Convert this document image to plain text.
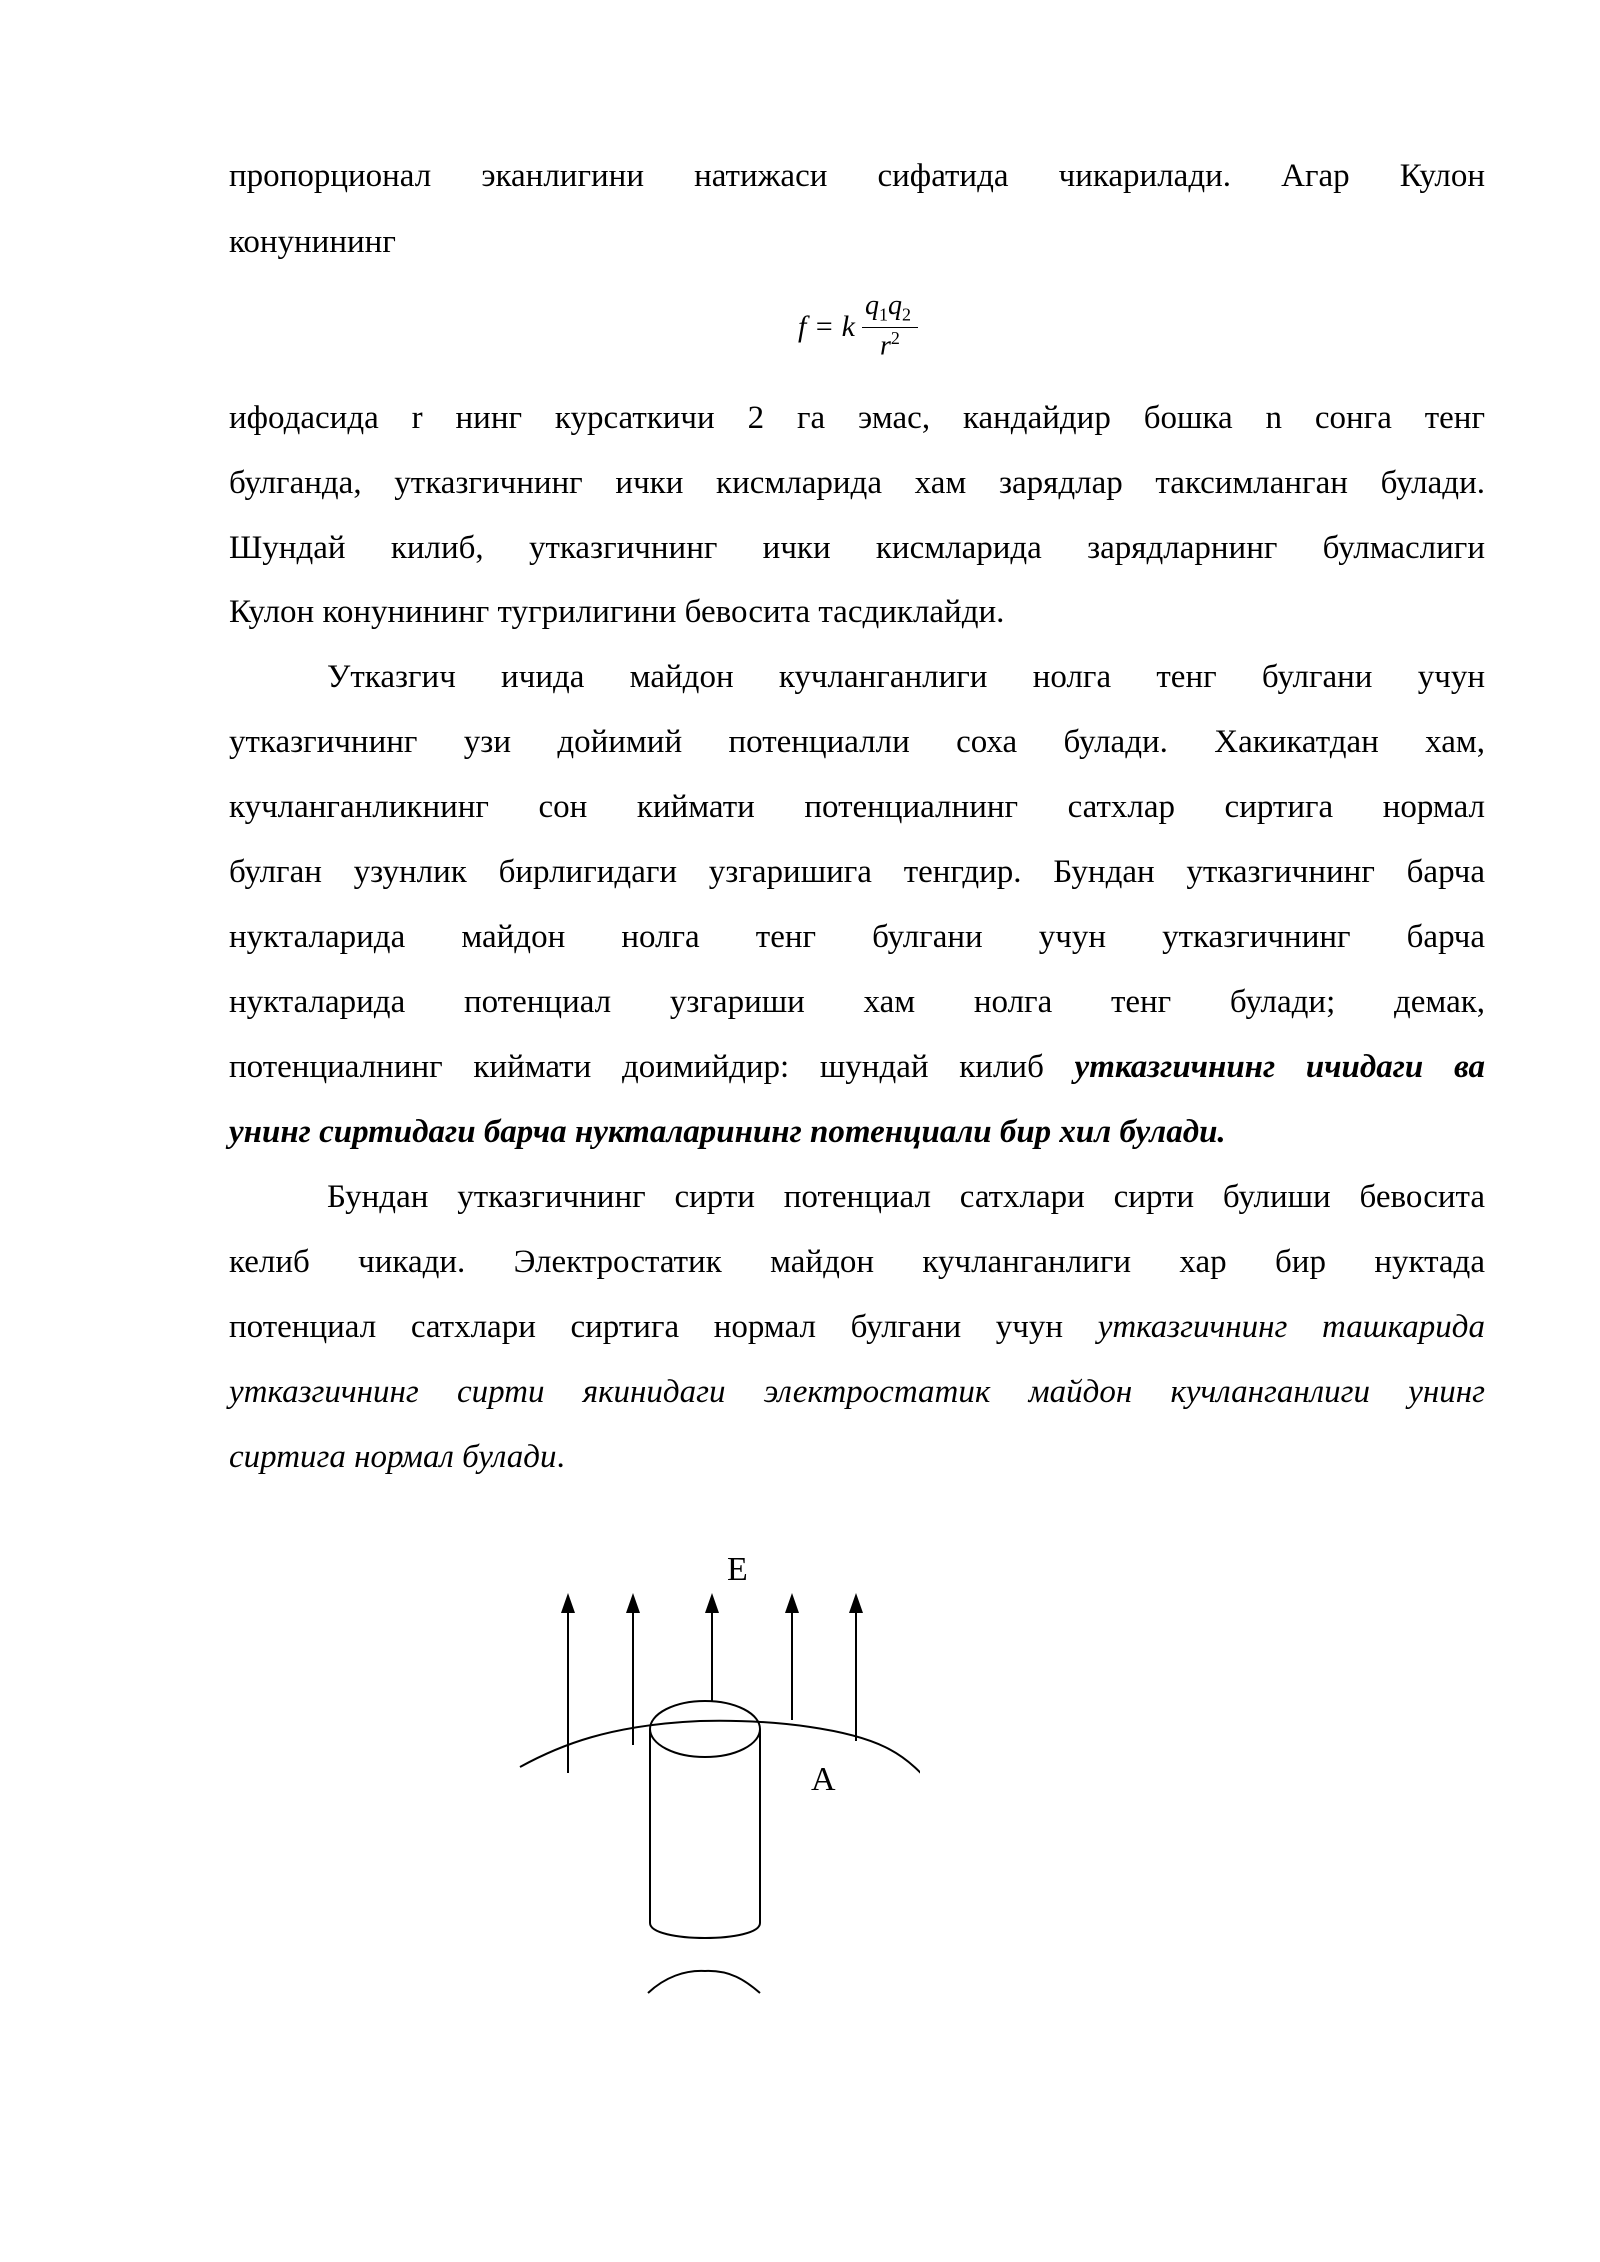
пропорционал эканлигини натижаси сифатида чикарилади. Агар Кулон
конунининг
f = k
$q_1q_2$
$r^2$
ифодасида r нинг курсаткичи 2 га эмас, кандайдир бошка n сонга тенг
булганда, утказгичнинг ички кисмларида хам зарядлар таксимланган булади.
Шундай килиб, утказгичнинг ички кисмларида зарядларнинг булмаслиги
Кулон конунининг тугрилигини бевосита тасдиклайди.
Утказгич ичида майдон кучланганлиги нолга тенг булгани учун
утказгичнинг узи дойимий потенциалли соха булади. Хакикатдан хам,
кучланганликнинг сон киймати потенциалнинг сатхлар сиртига нормал
булган узунлик бирлигидаги узгаришига тенгдир. Бундан утказгичнинг барча
нукталарида майдон нолга тенг булгани учун утказгичнинг барча
нукталарида потенциал узгариши хам нолга тенг булади; демак,
потенциалнинг киймати доимийдир: шундай килиб утказгичнинг ичидаги ва
унинг сиртидаги барча нукталарининг потенциали бир хил булади.
Бундан утказгичнинг сирти потенциал сатхлари сирти булиши бевосита
келиб чикади. Электростатик майдон кучланганлиги хар бир нуктада
потенциал сатхлари сиртига нормал булгани учун утказгичнинг ташкарида
утказгичнинг сирти якинидаги электростатик майдон кучланганлиги унинг
сиртига нормал булади.
E
A
